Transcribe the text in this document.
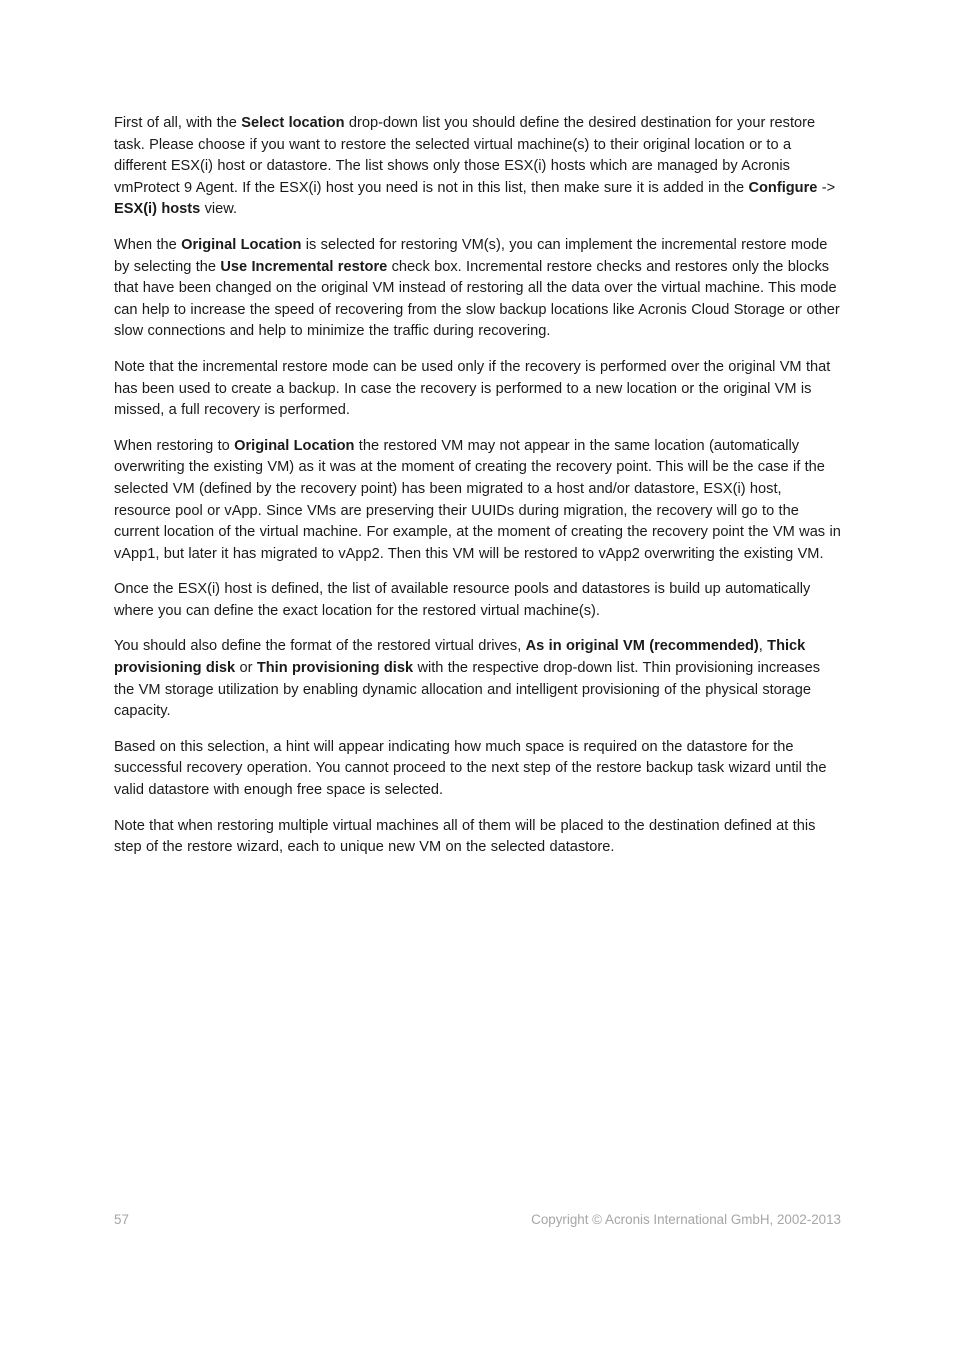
First of all, with the Select location drop-down list you should define the desired destination for your restore task. Please choose if you want to restore the selected virtual machine(s) to their original location or to a different ESX(i) host or datastore. The list shows only those ESX(i) hosts which are managed by Acronis vmProtect 9 Agent. If the ESX(i) host you need is not in this list, then make sure it is added in the Configure -> ESX(i) hosts view.

When the Original Location is selected for restoring VM(s), you can implement the incremental restore mode by selecting the Use Incremental restore check box. Incremental restore checks and restores only the blocks that have been changed on the original VM instead of restoring all the data over the virtual machine. This mode can help to increase the speed of recovering from the slow backup locations like Acronis Cloud Storage or other slow connections and help to minimize the traffic during recovering.

Note that the incremental restore mode can be used only if the recovery is performed over the original VM that has been used to create a backup. In case the recovery is performed to a new location or the original VM is missed, a full recovery is performed.

When restoring to Original Location the restored VM may not appear in the same location (automatically overwriting the existing VM) as it was at the moment of creating the recovery point. This will be the case if the selected VM (defined by the recovery point) has been migrated to a host and/or datastore, ESX(i) host, resource pool or vApp. Since VMs are preserving their UUIDs during migration, the recovery will go to the current location of the virtual machine. For example, at the moment of creating the recovery point the VM was in vApp1, but later it has migrated to vApp2. Then this VM will be restored to vApp2 overwriting the existing VM.

Once the ESX(i) host is defined, the list of available resource pools and datastores is build up automatically where you can define the exact location for the restored virtual machine(s).

You should also define the format of the restored virtual drives, As in original VM (recommended), Thick provisioning disk or Thin provisioning disk with the respective drop-down list. Thin provisioning increases the VM storage utilization by enabling dynamic allocation and intelligent provisioning of the physical storage capacity.

Based on this selection, a hint will appear indicating how much space is required on the datastore for the successful recovery operation. You cannot proceed to the next step of the restore backup task wizard until the valid datastore with enough free space is selected.

Note that when restoring multiple virtual machines all of them will be placed to the destination defined at this step of the restore wizard, each to unique new VM on the selected datastore.

57	Copyright © Acronis International GmbH, 2002-2013
